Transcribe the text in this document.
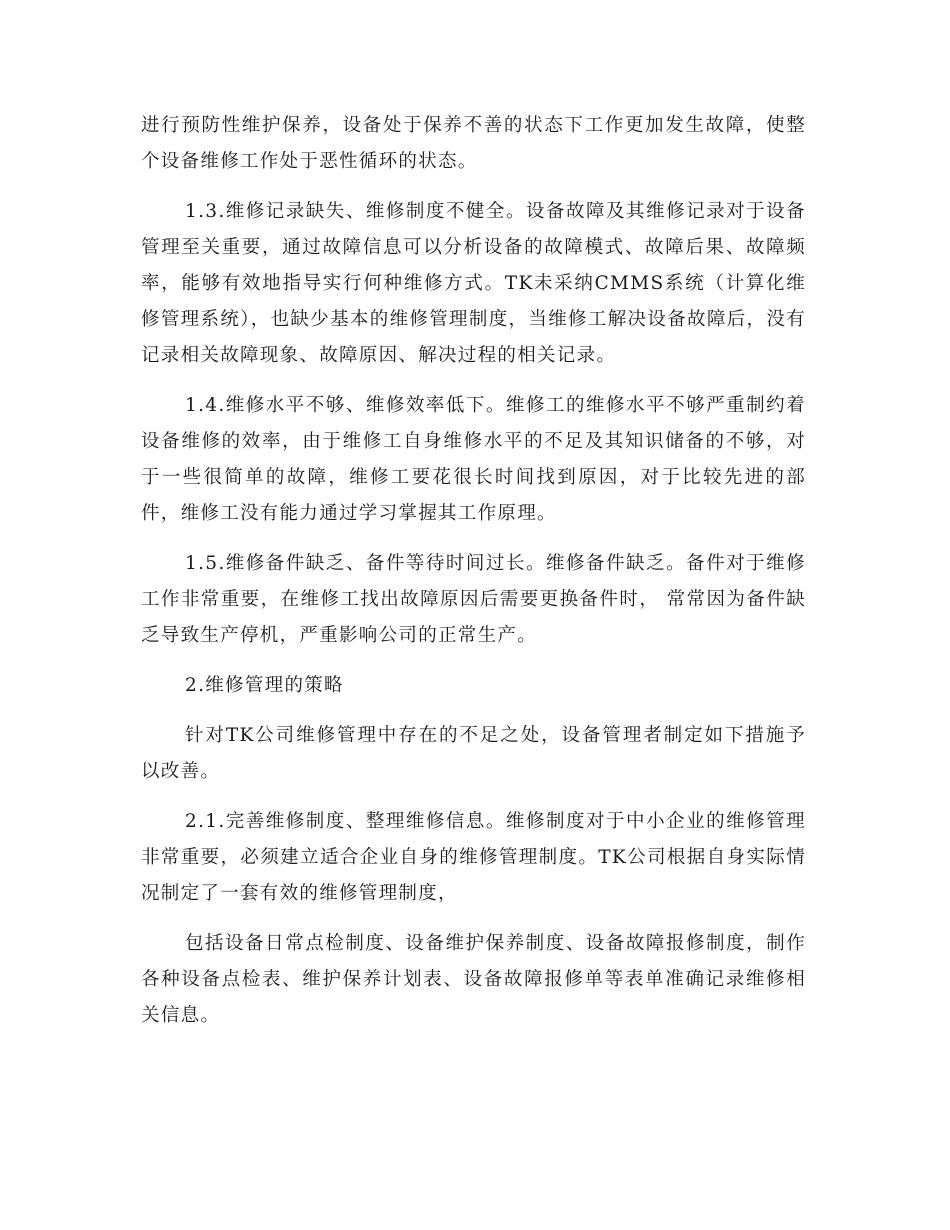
进行预防性维护保养，设备处于保养不善的状态下工作更加发生故障，使整个设备维修工作处于恶性循环的状态。

1.3.维修记录缺失、维修制度不健全。设备故障及其维修记录对于设备管理至关重要，通过故障信息可以分析设备的故障模式、故障后果、故障频率，能够有效地指导实行何种维修方式。TK未采纳CMMS系统（计算化维修管理系统），也缺少基本的维修管理制度，当维修工解决设备故障后，没有记录相关故障现象、故障原因、解决过程的相关记录。

1.4.维修水平不够、维修效率低下。维修工的维修水平不够严重制约着设备维修的效率，由于维修工自身维修水平的不足及其知识储备的不够，对于一些很简单的故障，维修工要花很长时间找到原因，对于比较先进的部件，维修工没有能力通过学习掌握其工作原理。

1.5.维修备件缺乏、备件等待时间过长。维修备件缺乏。备件对于维修工作非常重要，在维修工找出故障原因后需要更换备件时， 常常因为备件缺乏导致生产停机，严重影响公司的正常生产。

2.维修管理的策略

针对TK公司维修管理中存在的不足之处，设备管理者制定如下措施予以改善。

2.1.完善维修制度、整理维修信息。维修制度对于中小企业的维修管理非常重要，必须建立适合企业自身的维修管理制度。TK公司根据自身实际情况制定了一套有效的维修管理制度，

包括设备日常点检制度、设备维护保养制度、设备故障报修制度，制作各种设备点检表、维护保养计划表、设备故障报修单等表单准确记录维修相关信息。
